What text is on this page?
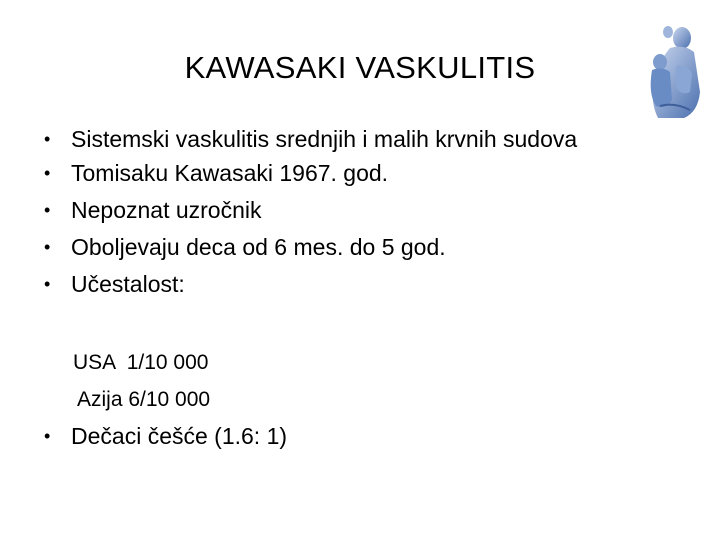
KAWASAKI VASKULITIS
• Sistemski vaskulitis srednjih i malih krvnih sudova
• Tomisaku Kawasaki 1967. god.
• Nepoznat uzročnik
• Oboljevaju deca od 6 mes. do 5 god.
• Učestalost:
USA  1/10 000
Azija 6/10 000
• Dečaci češće (1.6: 1)
